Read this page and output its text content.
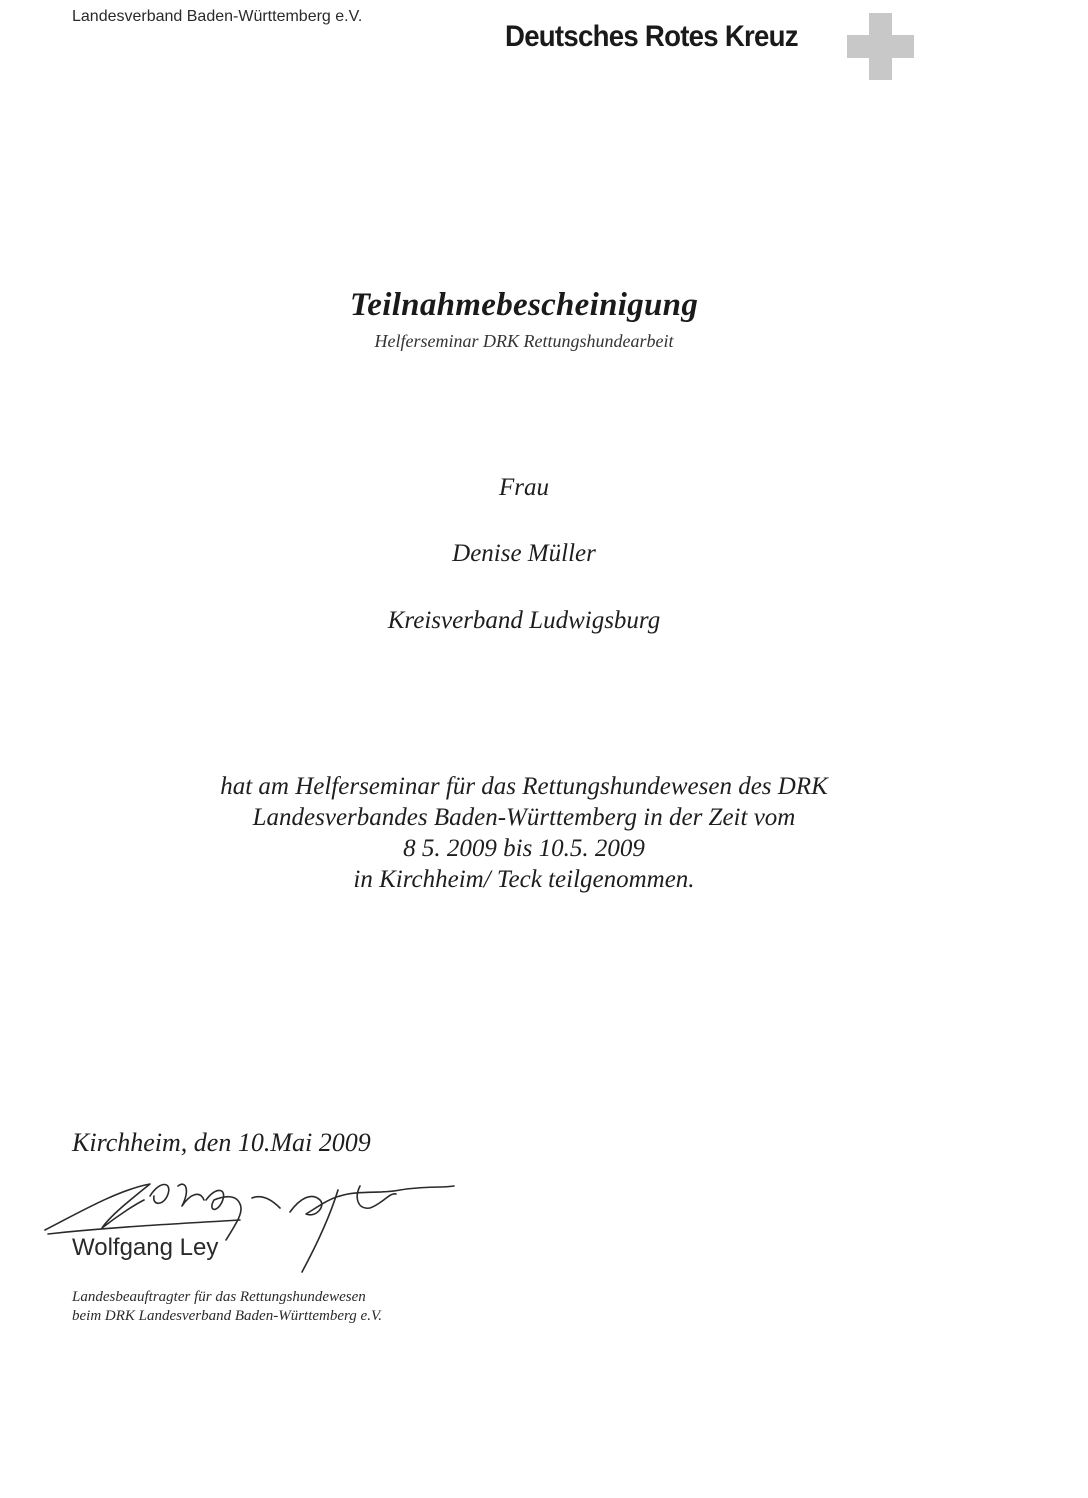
Landesverband Baden-Württemberg e.V.
Deutsches Rotes Kreuz
Teilnahmebescheinigung
Helferseminar DRK Rettungshundearbeit
Frau
Denise Müller
Kreisverband Ludwigsburg
hat am Helferseminar für das Rettungshundewesen des DRK
Landesverbandes Baden-Württemberg in der Zeit vom
8 5. 2009 bis 10.5. 2009
in Kirchheim/ Teck teilgenommen.
Kirchheim, den 10.Mai 2009
Wolfgang Ley
Landesbeauftragter für das Rettungshundewesen
beim DRK Landesverband Baden-Württemberg e.V.
